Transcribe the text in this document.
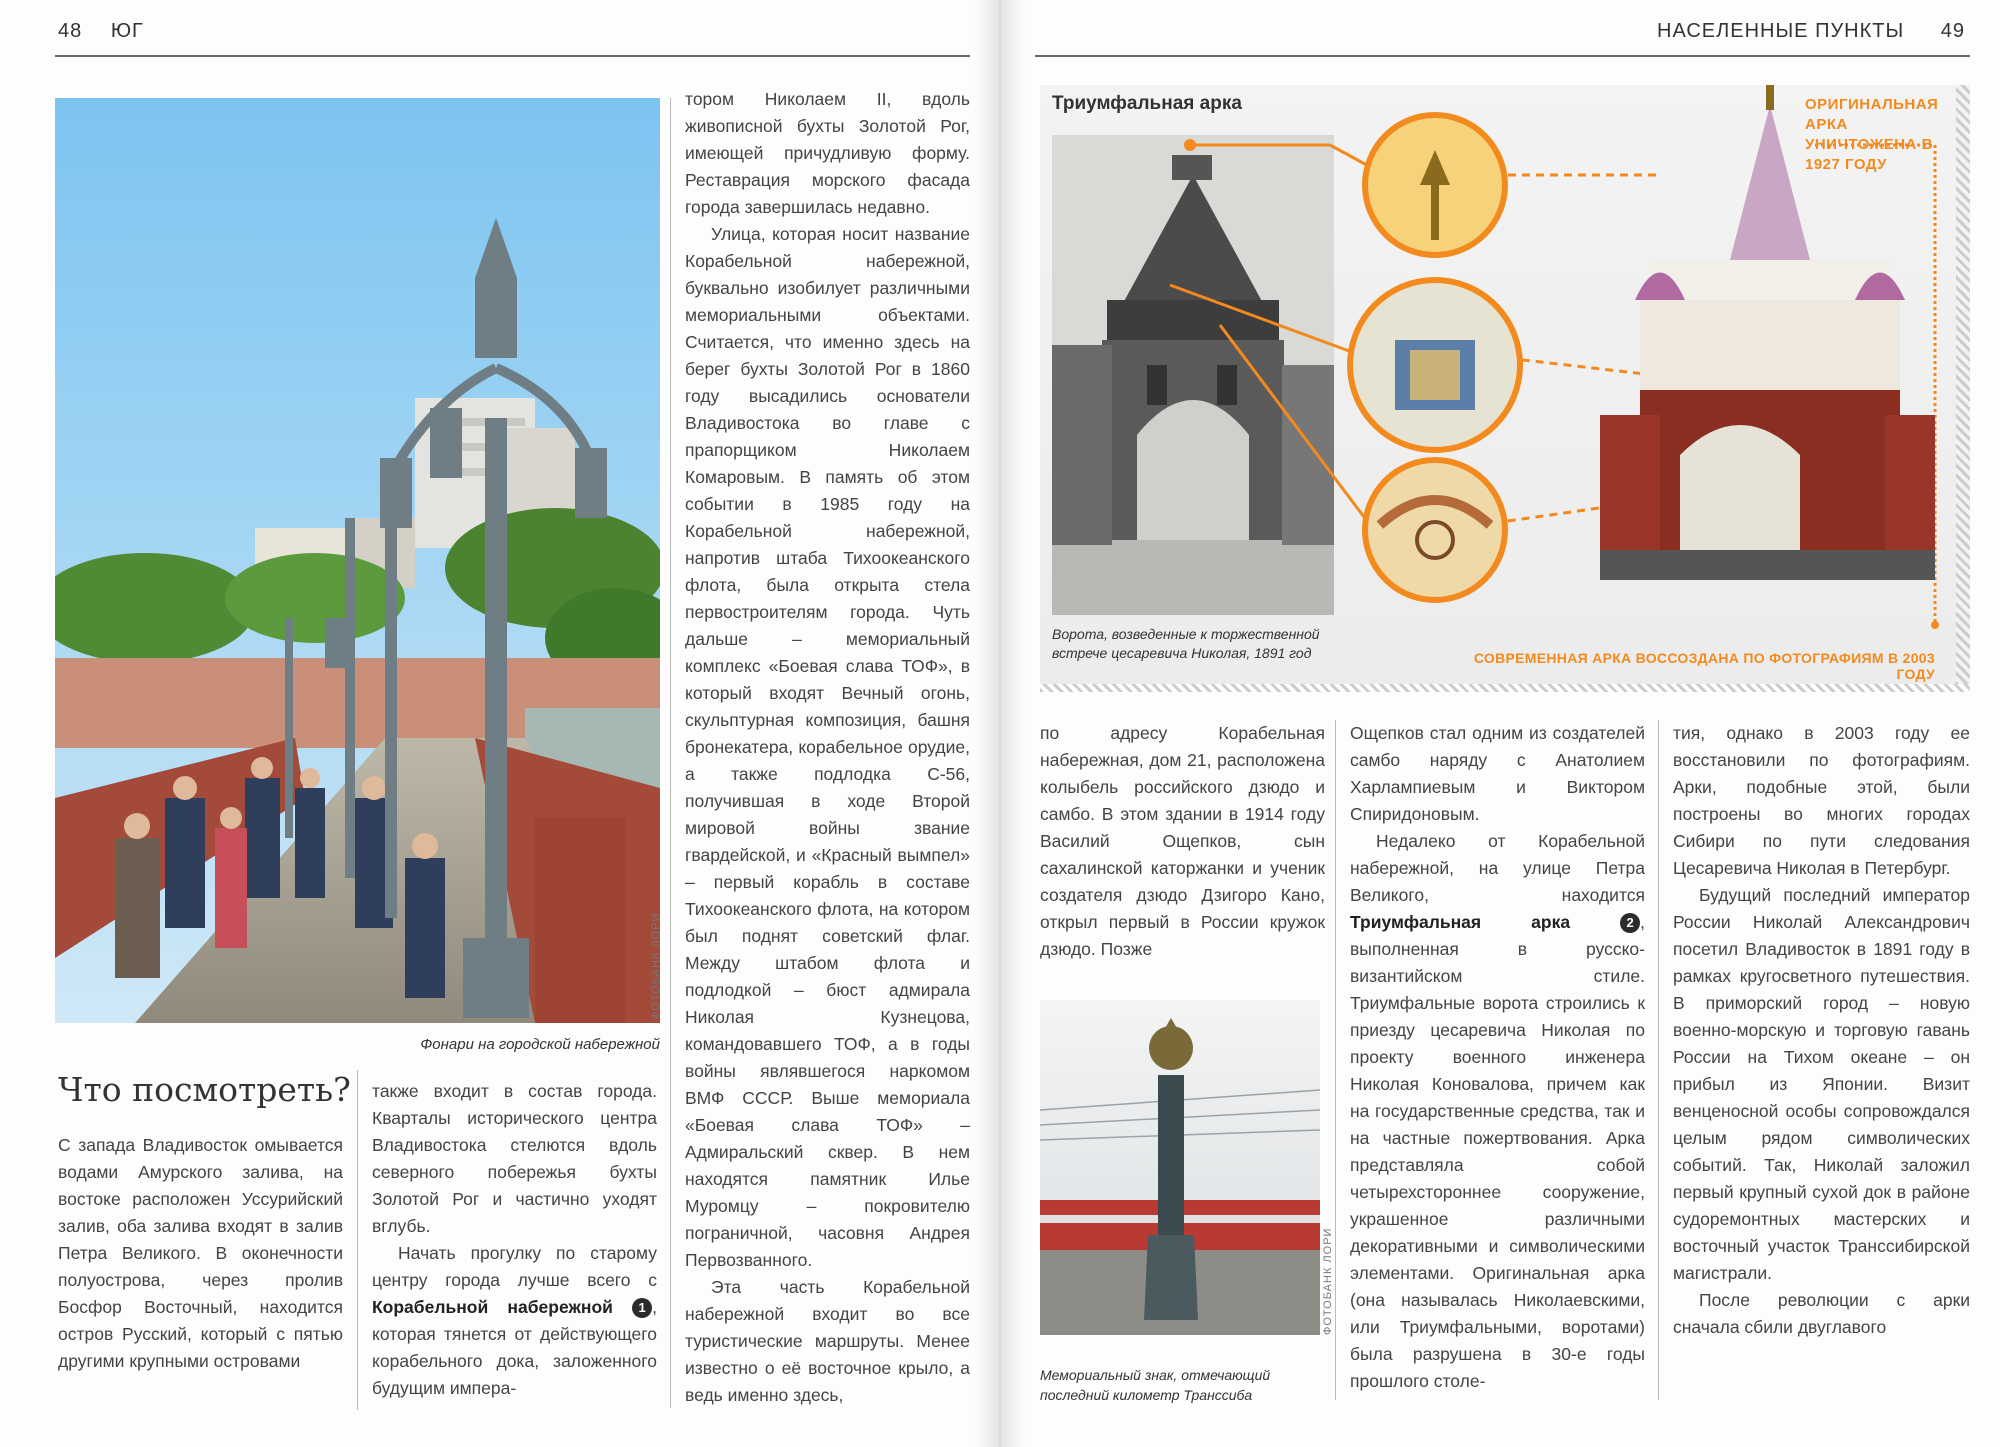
48 ЮГ
ФОТОБАНК ЛОРИ
Фонари на городской набережной
Что посмотреть?

С запада Владивосток омывается водами Амурского залива, на востоке расположен Уссурийский залив, оба залива входят в залив Петра Великого. В оконечности полуострова, через пролив Босфор Восточный, находится остров Русский, который с пятью другими крупными островами

также входит в состав города. Кварталы исторического центра Владивостока стелются вдоль северного побережья бухты Золотой Рог и частично уходят вглубь.

Начать прогулку по старому центру города лучше всего с Корабельной набережной 1 , которая тянется от действующего корабельного дока, заложенного будущим импера-

тором Николаем II, вдоль живописной бухты Золотой Рог, имеющей причудливую форму. Реставрация морского фасада города завершилась недавно.

Улица, которая носит название Корабельной набережной, буквально изобилует различными мемориальными объектами. Считается, что именно здесь на берег бухты Золотой Рог в 1860 году высадились основатели Владивостока во главе с прапорщиком Николаем Комаровым. В память об этом событии в 1985 году на Корабельной набережной, напротив штаба Тихоокеанского флота, была открыта стела первостроителям города. Чуть дальше – мемориальный комплекс «Боевая слава ТОФ», в который входят Вечный огонь, скульптурная композиция, башня бронекатера, корабельное орудие, а также подлодка С-56, получившая в ходе Второй мировой войны звание гвардейской, и «Красный вымпел» – первый корабль в составе Тихоокеанского флота, на котором был поднят советский флаг. Между штабом флота и подлодкой – бюст адмирала Николая Кузнецова, командовавшего ТОФ, а в годы войны являвшегося наркомом ВМФ СССР. Выше мемориала «Боевая слава ТОФ» – Адмиральский сквер. В нем находятся памятник Илье Муромцу – покровителю пограничной, часовня Андрея Первозванного.

Эта часть Корабельной набережной входит во все туристические маршруты. Менее известно о её восточное крыло, а ведь именно здесь,

НАСЕЛЕННЫЕ ПУНКТЫ 49
Триумфальная арка
Ворота, возведенные к торжественной встрече цесаревича Николая, 1891 год
ОРИГИНАЛЬНАЯ АРКА УНИЧТОЖЕНА В 1927 ГОДУ
СОВРЕМЕННАЯ АРКА ВОССОЗДАНА ПО ФОТОГРАФИЯМ В 2003 ГОДУ

по адресу Корабельная набережная, дом 21, расположена колыбель российского дзюдо и самбо. В этом здании в 1914 году Василий Ощепков, сын сахалинской каторжанки и ученик создателя дзюдо Дзигоро Кано, открыл первый в России кружок дзюдо. Позже

ФОТОБАНК ЛОРИ
Мемориальный знак, отмечающий последний километр Транссиба

Ощепков стал одним из создателей самбо наряду с Анатолием Харлампиевым и Виктором Спиридоновым.

Недалеко от Корабельной набережной, на улице Петра Великого, находится Триумфальная арка	2 , выполненная в русско-византийском стиле. Триумфальные ворота строились к приезду цесаревича Николая по проекту военного инженера Николая Коновалова, причем как на государственные средства, так и на частные пожертвования. Арка представляла собой четырехстороннее сооружение, украшенное различными декоративными и символическими элементами. Оригинальная арка (она называлась Николаевскими, или Триумфальными, воротами) была разрушена в 30-е годы прошлого столе-

тия, однако в 2003 году ее восстановили по фотографиям. Арки, подобные этой, были построены во многих городах Сибири по пути следования Цесаревича Николая в Петербург.

Будущий последний император России Николай Александрович посетил Владивосток в 1891 году в рамках кругосветного путешествия. В приморский город – новую военно-морскую и торговую гавань России на Тихом океане – он прибыл из Японии. Визит венценосной особы сопровождался целым рядом символических событий. Так, Николай заложил первый крупный сухой док в районе судоремонтных мастерских и восточный участок Транссибирской магистрали.

После революции с арки сначала сбили двуглавого
